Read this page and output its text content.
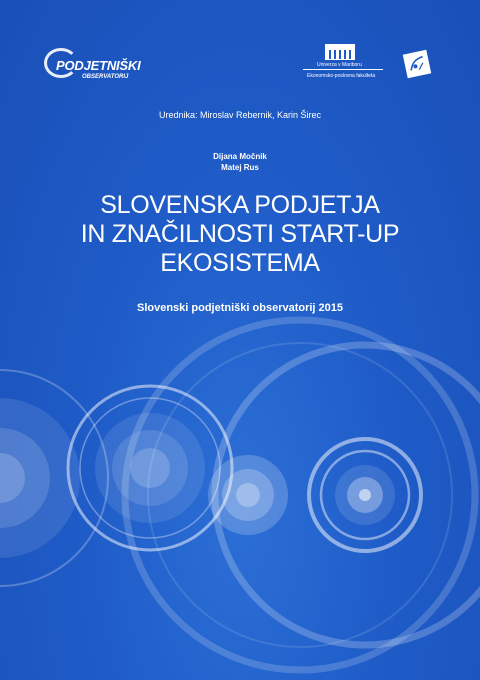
PODJETNIŠKI
OBSERVATORIJ
Univerza v Mariboru
Ekonomsko-poslovna fakulteta
Urednika: Miroslav Rebernik, Karin Širec
Dijana Močnik
Matej Rus
SLOVENSKA PODJETJA
IN ZNAČILNOSTI START-UP
EKOSISTEMA
Slovenski podjetniški observatorij 2015
